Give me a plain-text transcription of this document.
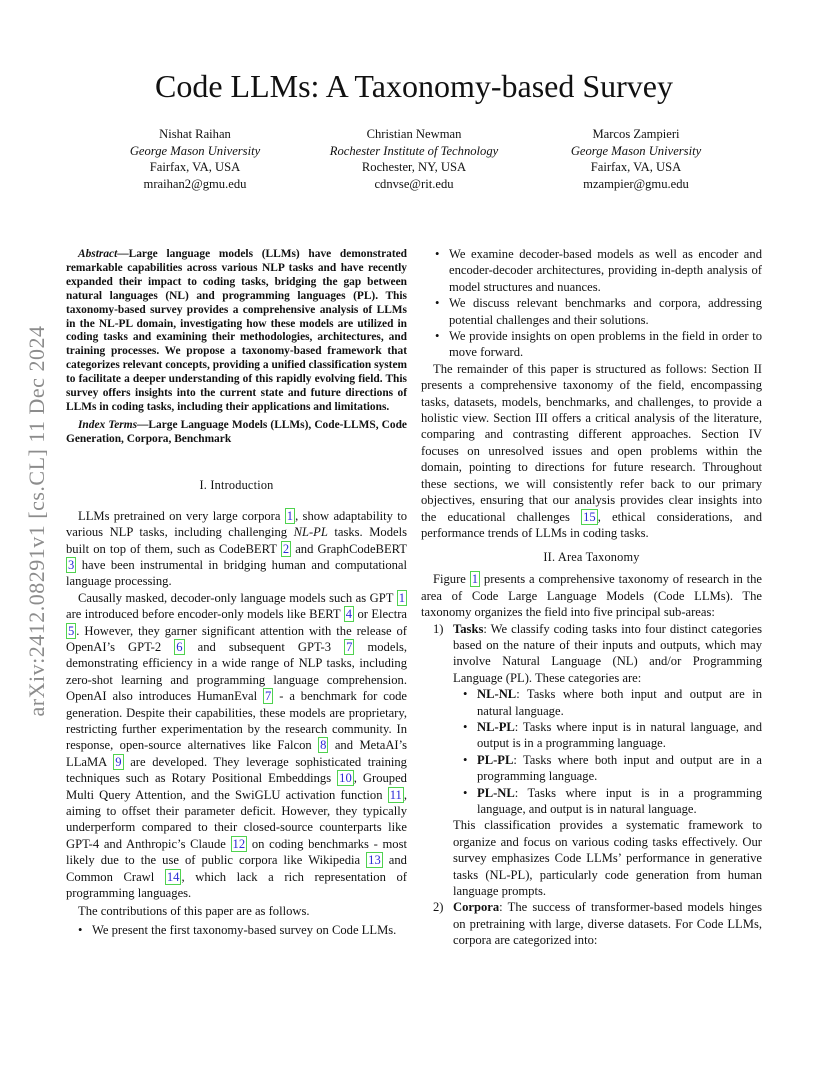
Code LLMs: A Taxonomy-based Survey
Nishat Raihan
George Mason University
Fairfax, VA, USA
mraihan2@gmu.edu
Christian Newman
Rochester Institute of Technology
Rochester, NY, USA
cdnvse@rit.edu
Marcos Zampieri
George Mason University
Fairfax, VA, USA
mzampier@gmu.edu
arXiv:2412.08291v1 [cs.CL] 11 Dec 2024

Abstract—Large language models (LLMs) have demonstrated remarkable capabilities across various NLP tasks and have recently expanded their impact to coding tasks, bridging the gap between natural languages (NL) and programming languages (PL). This taxonomy-based survey provides a comprehensive analysis of LLMs in the NL-PL domain, investigating how these models are utilized in coding tasks and examining their methodologies, architectures, and training processes. We propose a taxonomy-based framework that categorizes relevant concepts, providing a unified classification system to facilitate a deeper understanding of this rapidly evolving field. This survey offers insights into the current state and future directions of LLMs in coding tasks, including their applications and limitations.

Index Terms—Large Language Models (LLMs), Code-LLMS, Code Generation, Corpora, Benchmark

I. Introduction

LLMs pretrained on very large corpora 1 , show adaptability to various NLP tasks, including challenging NL-PL tasks. Models built on top of them, such as CodeBERT 2 and GraphCodeBERT 3 have been instrumental in bridging human and computational language processing.

Causally masked, decoder-only language models such as GPT 1 are introduced before encoder-only models like BERT 4 or Electra 5 . However, they garner significant attention with the release of OpenAI’s GPT-2 6 and subsequent GPT-3 7 models, demonstrating efficiency in a wide range of NLP tasks, including zero-shot learning and programming language comprehension. OpenAI also introduces HumanEval 7 - a benchmark for code generation. Despite their capabilities, these models are proprietary, restricting further experimentation by the research community. In response, open-source alternatives like Falcon 8 and MetaAI’s LLaMA 9 are developed. They leverage sophisticated training techniques such as Rotary Positional Embeddings 10 , Grouped Multi Query Attention, and the SwiGLU activation function 11 , aiming to offset their parameter deficit. However, they typically underperform compared to their closed-source counterparts like GPT-4 and Anthropic’s Claude 12 on coding benchmarks - most likely due to the use of public corpora like Wikipedia 13 and Common Crawl 14 , which lack a rich representation of programming languages.

The contributions of this paper are as follows.

• We present the first taxonomy-based survey on Code LLMs.
• We examine decoder-based models as well as encoder and encoder-decoder architectures, providing in-depth analysis of model structures and nuances.
• We discuss relevant benchmarks and corpora, addressing potential challenges and their solutions.
• We provide insights on open problems in the field in order to move forward.

The remainder of this paper is structured as follows: Section II presents a comprehensive taxonomy of the field, encompassing tasks, datasets, models, benchmarks, and challenges, to provide a holistic view. Section III offers a critical analysis of the literature, comparing and contrasting different approaches. Section IV focuses on unresolved issues and open problems within the domain, pointing to directions for future research. Throughout these sections, we will consistently refer back to our primary objectives, ensuring that our analysis provides clear insights into the educational challenges 15 , ethical considerations, and performance trends of LLMs in coding tasks.

II. Area Taxonomy

Figure 1 presents a comprehensive taxonomy of research in the area of Code Large Language Models (Code LLMs). The taxonomy organizes the field into five principal sub-areas:

1) Tasks: We classify coding tasks into four distinct categories based on the nature of their inputs and outputs, which may involve Natural Language (NL) and/or Programming Language (PL). These categories are:

• NL-NL: Tasks where both input and output are in natural language.
• NL-PL: Tasks where input is in natural language, and output is in a programming language.
• PL-PL: Tasks where both input and output are in a programming language.
• PL-NL: Tasks where input is in a programming language, and output is in natural language.

This classification provides a systematic framework to organize and focus on various coding tasks effectively. Our survey emphasizes Code LLMs’ performance in generative tasks (NL-PL), particularly code generation from human language prompts.

2) Corpora: The success of transformer-based models hinges on pretraining with large, diverse datasets. For Code LLMs, corpora are categorized into:
